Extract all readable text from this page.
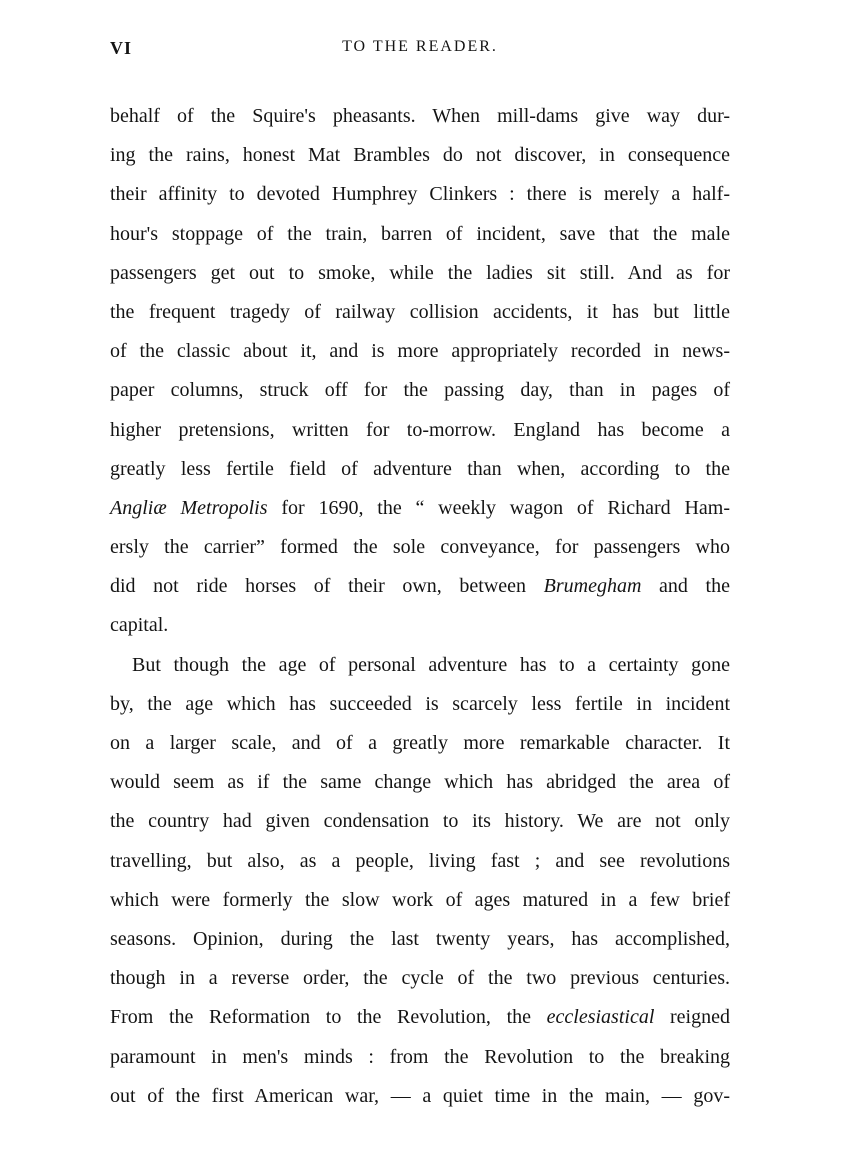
VI	TO THE READER.
behalf of the Squire's pheasants. When mill-dams give way dur-
ing the rains, honest Mat Brambles do not discover, in consequence
their affinity to devoted Humphrey Clinkers : there is merely a half-
hour's stoppage of the train, barren of incident, save that the male
passengers get out to smoke, while the ladies sit still. And as for
the frequent tragedy of railway collision accidents, it has but little
of the classic about it, and is more appropriately recorded in news-
paper columns, struck off for the passing day, than in pages of
higher pretensions, written for to-morrow. England has become a
greatly less fertile field of adventure than when, according to the
Angliæ Metropolis for 1690, the “ weekly wagon of Richard Ham-
ersly the carrier” formed the sole conveyance, for passengers who
did not ride horses of their own, between Brumegham and the
capital.
But though the age of personal adventure has to a certainty gone
by, the age which has succeeded is scarcely less fertile in incident
on a larger scale, and of a greatly more remarkable character. It
would seem as if the same change which has abridged the area of
the country had given condensation to its history. We are not only
travelling, but also, as a people, living fast ; and see revolutions
which were formerly the slow work of ages matured in a few brief
seasons. Opinion, during the last twenty years, has accomplished,
though in a reverse order, the cycle of the two previous centuries.
From the Reformation to the Revolution, the ecclesiastical reigned
paramount in men's minds : from the Revolution to the breaking
out of the first American war, — a quiet time in the main, — gov-
